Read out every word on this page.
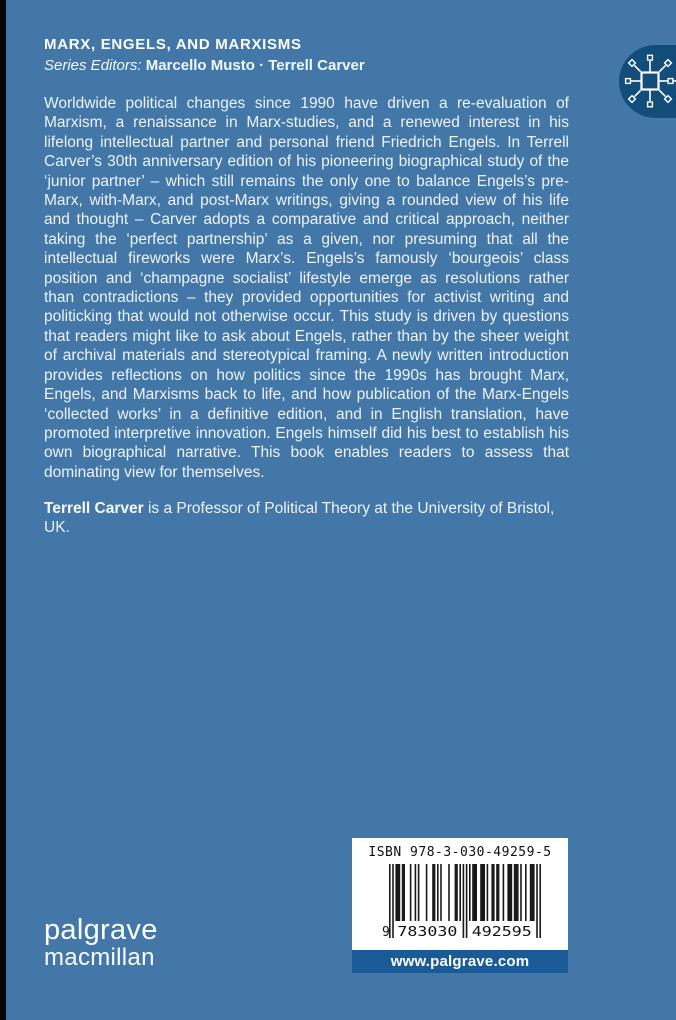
MARX, ENGELS, AND MARXISMS
Series Editors: Marcello Musto · Terrell Carver

Worldwide political changes since 1990 have driven a re-evaluation of Marxism, a renaissance in Marx-studies, and a renewed interest in his lifelong intellectual partner and personal friend Friedrich Engels. In Terrell Carver’s 30th anniversary edition of his pioneering biographical study of the ‘junior partner’ – which still remains the only one to balance Engels’s pre-Marx, with-Marx, and post-Marx writings, giving a rounded view of his life and thought – Carver adopts a comparative and critical approach, neither taking the ‘perfect partnership’ as a given, nor presuming that all the intellectual fireworks were Marx’s. Engels’s famously ‘bourgeois’ class position and ‘champagne socialist’ lifestyle emerge as resolutions rather than contradictions – they provided opportunities for activist writing and politicking that would not otherwise occur. This study is driven by questions that readers might like to ask about Engels, rather than by the sheer weight of archival materials and stereotypical framing. A newly written introduction provides reflections on how politics since the 1990s has brought Marx, Engels, and Marxisms back to life, and how publication of the Marx-Engels ‘collected works’ in a definitive edition, and in English translation, have promoted interpretive innovation. Engels himself did his best to establish his own biographical narrative. This book enables readers to assess that dominating view for themselves.

Terrell Carver is a Professor of Political Theory at the University of Bristol, UK.

palgrave
macmillan
ISBN 978-3-030-49259-5
9 783030 492595
www.palgrave.com
